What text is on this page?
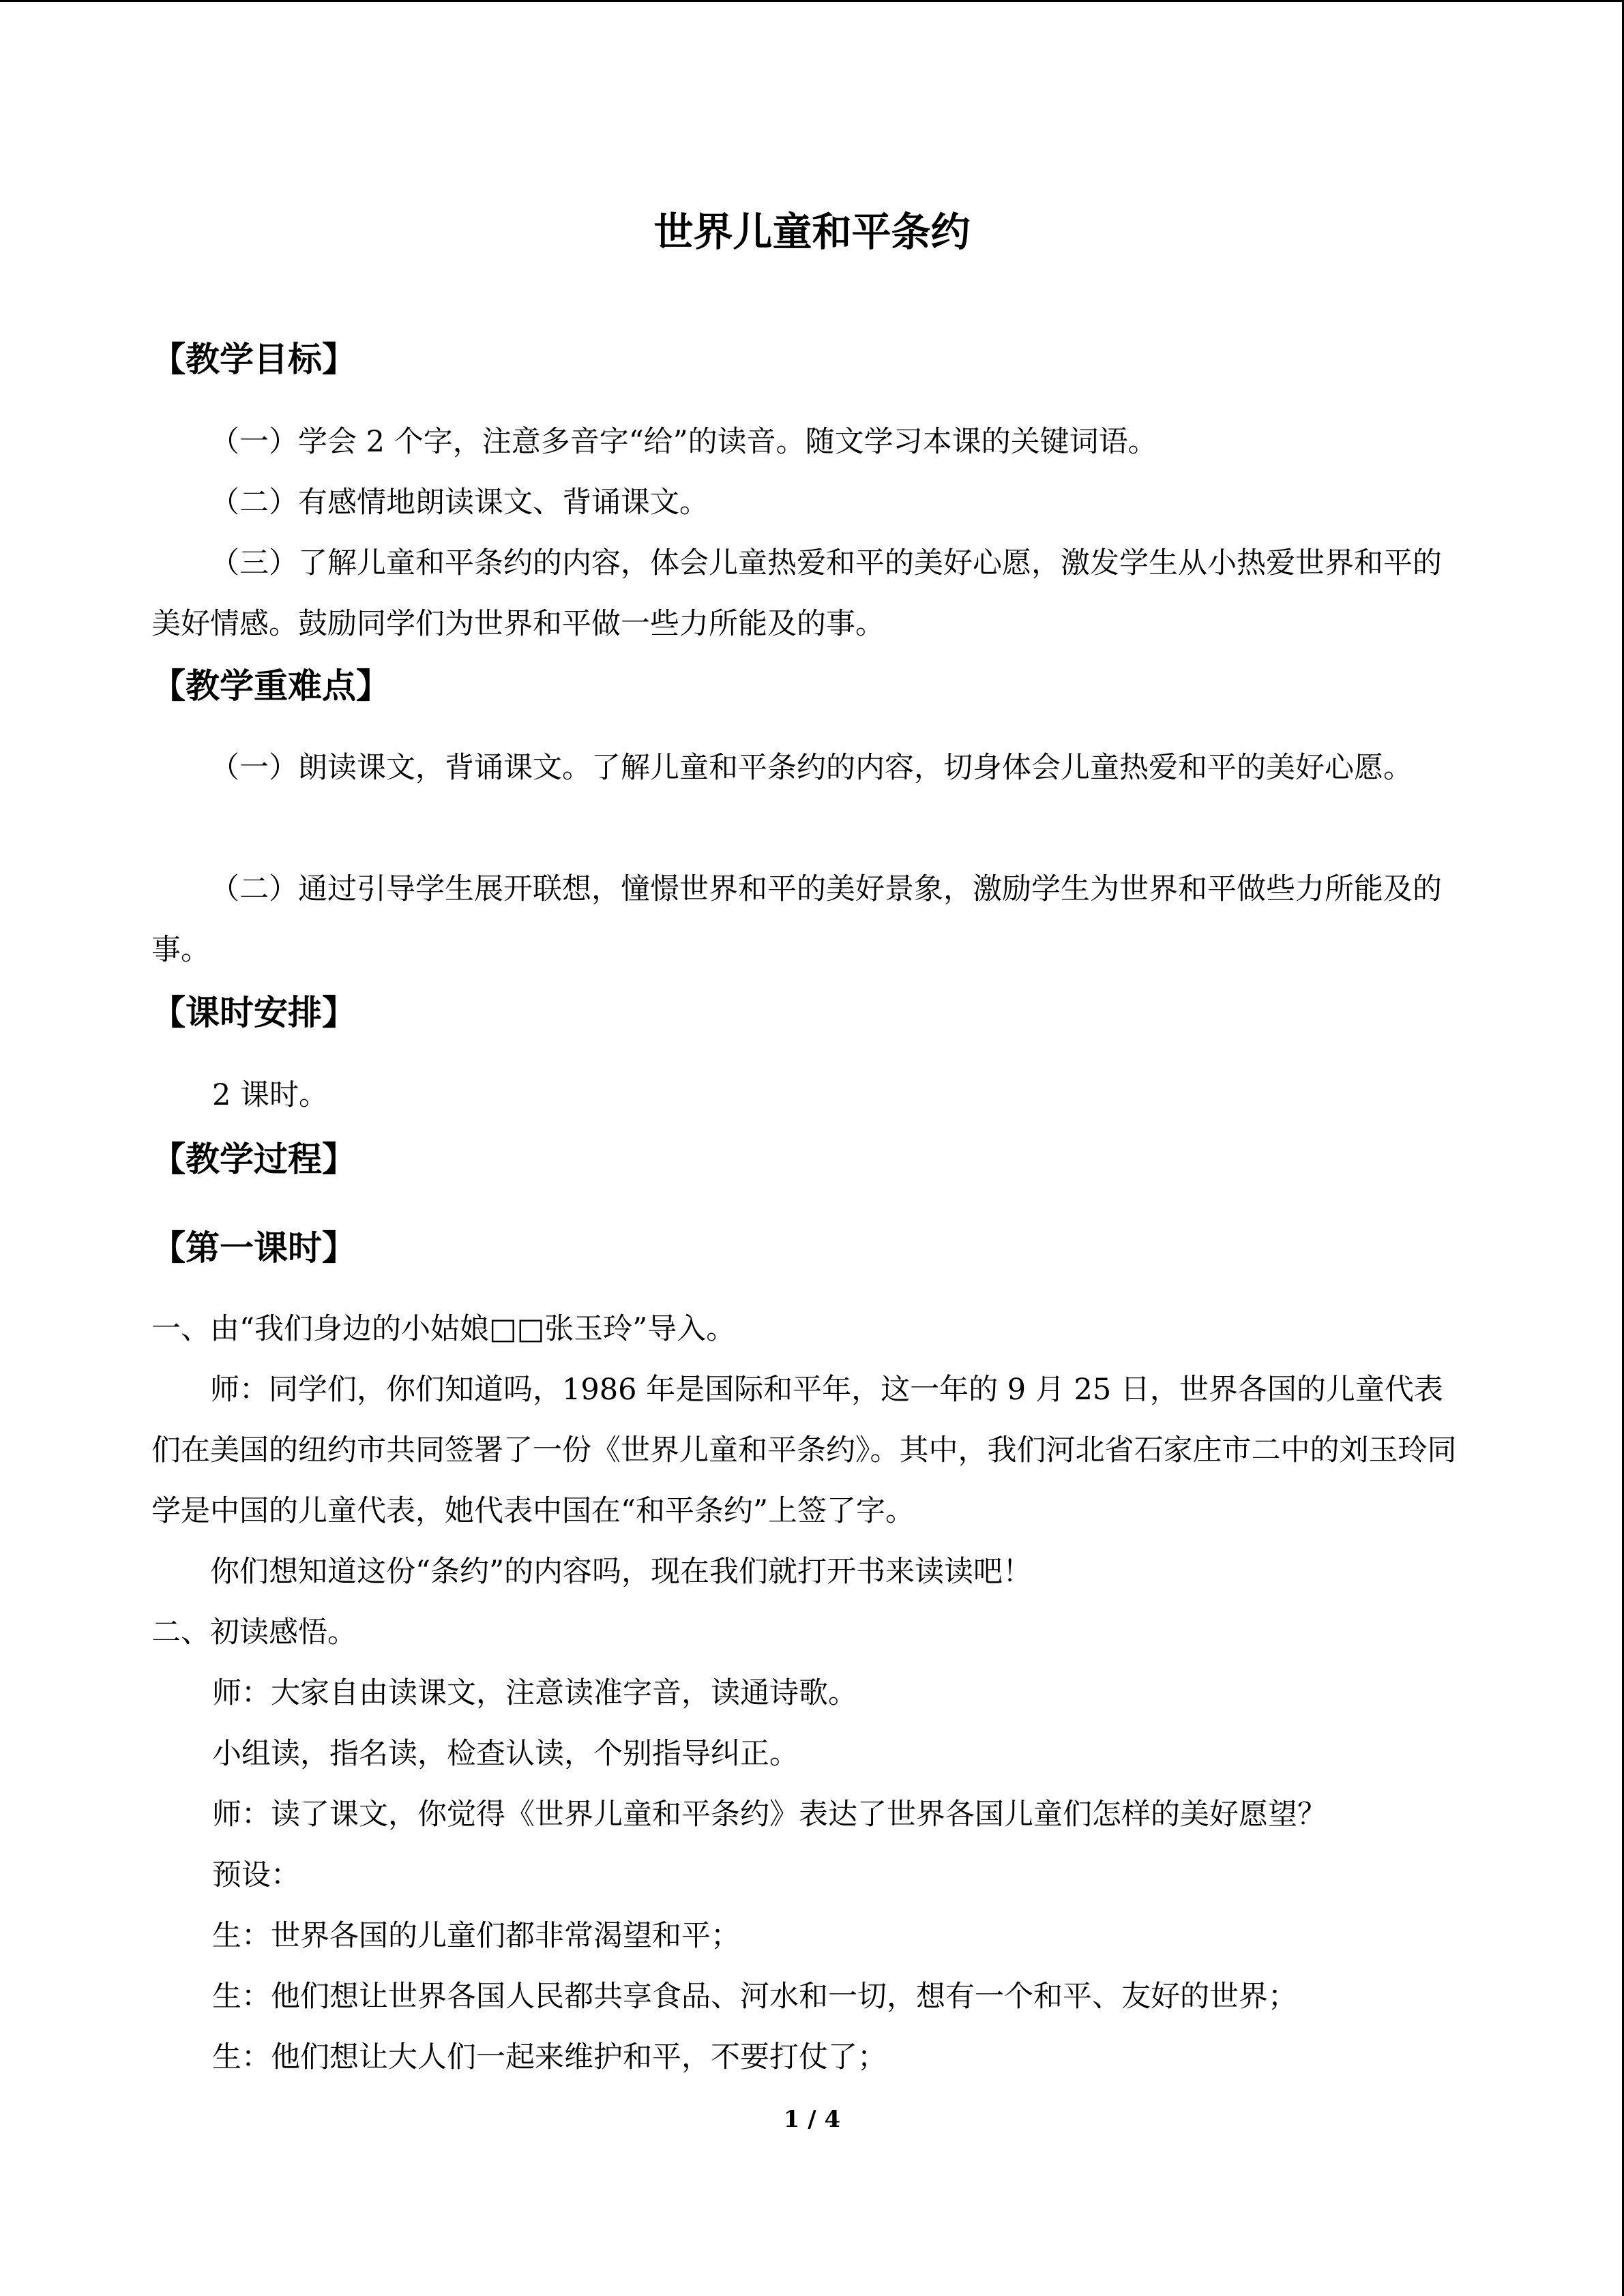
世界儿童和平条约
【教学目标】

（一）学会 2 个字，注意多音字“给”的读音。随文学习本课的关键词语。

（二）有感情地朗读课文、背诵课文。

（三）了解儿童和平条约的内容，体会儿童热爱和平的美好心愿，激发学生从小热爱世界和平的美好情感。鼓励同学们为世界和平做一些力所能及的事。

【教学重难点】

（一）朗读课文，背诵课文。了解儿童和平条约的内容，切身体会儿童热爱和平的美好心愿。

（二）通过引导学生展开联想，憧憬世界和平的美好景象，激励学生为世界和平做些力所能及的事。

【课时安排】
2 课时。
【教学过程】
【第一课时】
一、由“我们身边的小姑娘□□张玉玲”导入。

师：同学们，你们知道吗，1986 年是国际和平年，这一年的 9 月 25 日，世界各国的儿童代表们在美国的纽约市共同签署了一份《世界儿童和平条约》。其中，我们河北省石家庄市二中的刘玉玲同学是中国的儿童代表，她代表中国在“和平条约”上签了字。

你们想知道这份“条约”的内容吗，现在我们就打开书来读读吧！

二、初读感悟。
师：大家自由读课文，注意读准字音，读通诗歌。
小组读，指名读，检查认读，个别指导纠正。
师：读了课文，你觉得《世界儿童和平条约》表达了世界各国儿童们怎样的美好愿望？
预设：
生：世界各国的儿童们都非常渴望和平；
生：他们想让世界各国人民都共享食品、河水和一切，想有一个和平、友好的世界；
生：他们想让大人们一起来维护和平，不要打仗了；
1 / 4
